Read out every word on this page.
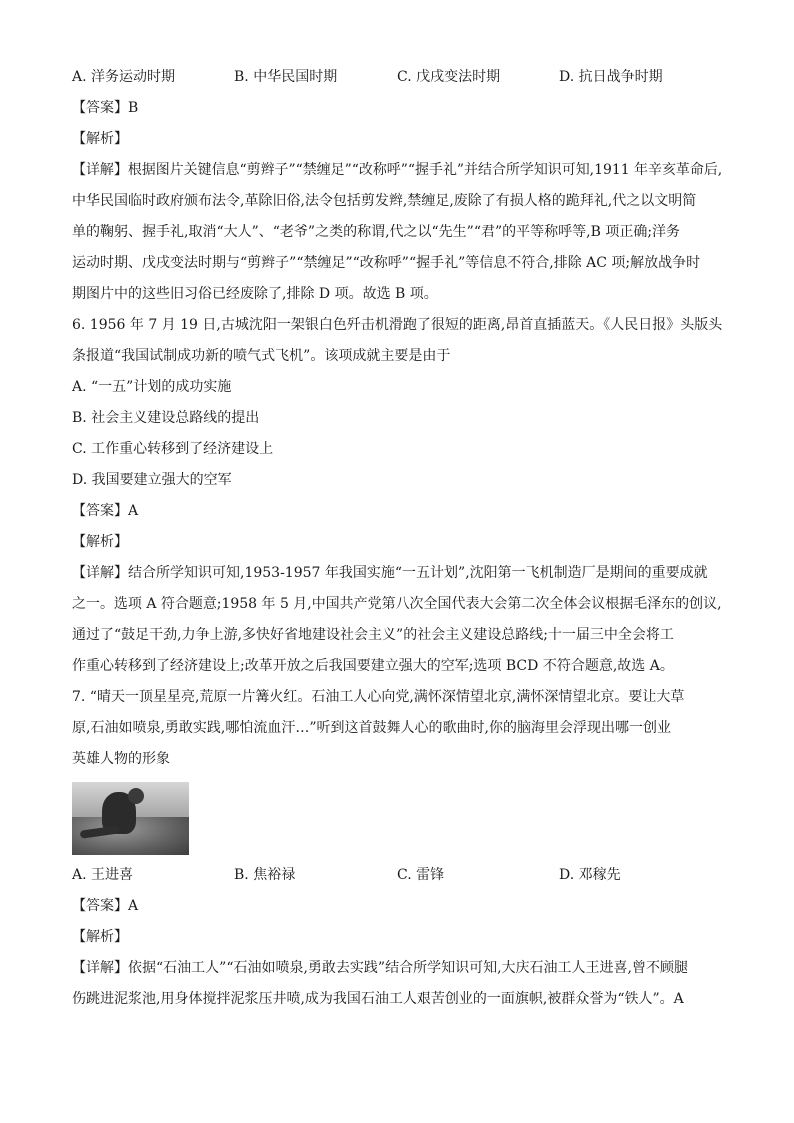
A. 洋务运动时期	B. 中华民国时期	C. 戊戌变法时期	D. 抗日战争时期
【答案】B
【解析】
【详解】根据图片关键信息“剪辫子”“禁缠足”“改称呼”“握手礼”并结合所学知识可知,1911 年辛亥革命后,
中华民国临时政府颁布法令,革除旧俗,法令包括剪发辫,禁缠足,废除了有损人格的跪拜礼,代之以文明简
单的鞠躬、握手礼,取消“大人”、“老爷”之类的称谓,代之以“先生”“君”的平等称呼等,B 项正确;洋务
运动时期、戊戌变法时期与“剪辫子”“禁缠足”“改称呼”“握手礼”等信息不符合,排除 AC 项;解放战争时
期图片中的这些旧习俗已经废除了,排除 D 项。故选 B 项。
6. 1956 年 7 月 19 日,古城沈阳一架银白色歼击机滑跑了很短的距离,昂首直插蓝天。《人民日报》头版头
条报道“我国试制成功新的喷气式飞机”。该项成就主要是由于
A. “一五”计划的成功实施
B. 社会主义建设总路线的提出
C. 工作重心转移到了经济建设上
D. 我国要建立强大的空军
【答案】A
【解析】
【详解】结合所学知识可知,1953-1957 年我国实施“一五计划”,沈阳第一飞机制造厂是期间的重要成就
之一。选项 A 符合题意;1958 年 5 月,中国共产党第八次全国代表大会第二次全体会议根据毛泽东的创议,
通过了“鼓足干劲,力争上游,多快好省地建设社会主义”的社会主义建设总路线;十一届三中全会将工
作重心转移到了经济建设上;改革开放之后我国要建立强大的空军;选项 BCD 不符合题意,故选 A。
7. “晴天一顶星星亮,荒原一片篝火红。石油工人心向党,满怀深情望北京,满怀深情望北京。要让大草
原,石油如喷泉,勇敢实践,哪怕流血汗…”听到这首鼓舞人心的歌曲时,你的脑海里会浮现出哪一创业
英雄人物的形象
A. 王进喜	B. 焦裕禄	C. 雷锋	D. 邓稼先
【答案】A
【解析】
【详解】依据“石油工人”“石油如喷泉,勇敢去实践”结合所学知识可知,大庆石油工人王进喜,曾不顾腿
伤跳进泥浆池,用身体搅拌泥浆压井喷,成为我国石油工人艰苦创业的一面旗帜,被群众誉为“铁人”。A
